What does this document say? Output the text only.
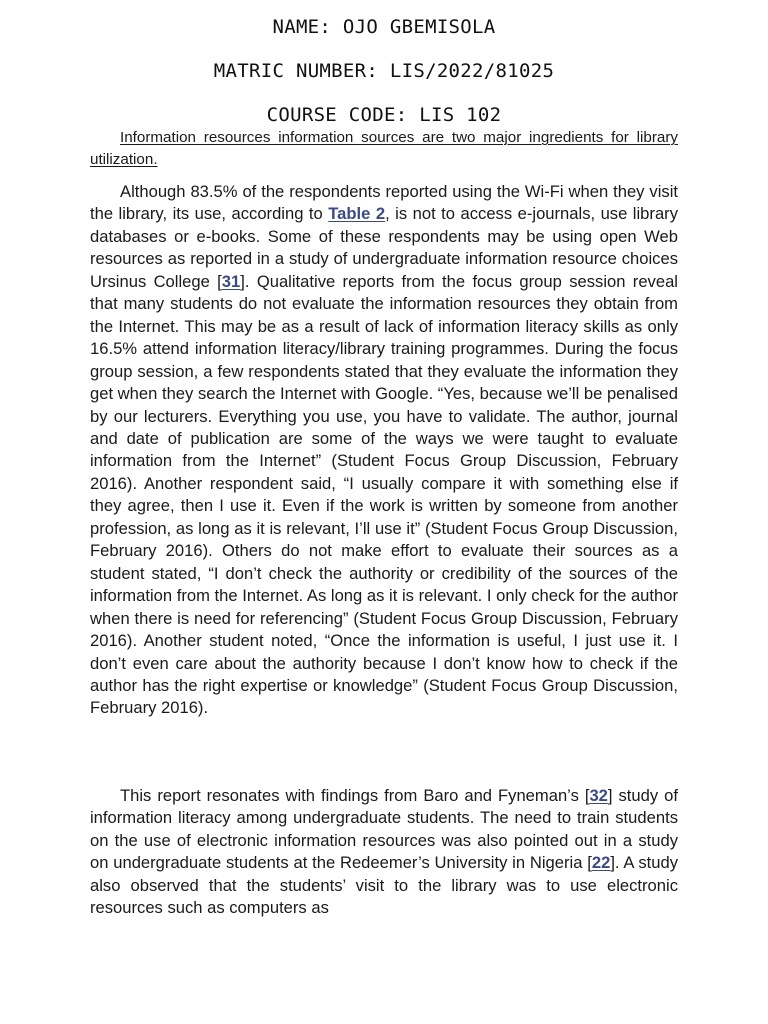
NAME: OJO GBEMISOLA
MATRIC NUMBER: LIS/2022/81025
COURSE CODE: LIS 102

Information resources information sources are two major ingredients for library utilization.

Although 83.5% of the respondents reported using the Wi-Fi when they visit the library, its use, according to Table 2, is not to access e-journals, use library databases or e-books. Some of these respondents may be using open Web resources as reported in a study of undergraduate information resource choices Ursinus College [31]. Qualitative reports from the focus group session reveal that many students do not evaluate the information resources they obtain from the Internet. This may be as a result of lack of information literacy skills as only 16.5% attend information literacy/library training programmes. During the focus group session, a few respondents stated that they evaluate the information they get when they search the Internet with Google. “Yes, because we’ll be penalised by our lecturers. Everything you use, you have to validate. The author, journal and date of publication are some of the ways we were taught to evaluate information from the Internet” (Student Focus Group Discussion, February 2016). Another respondent said, “I usually compare it with something else if they agree, then I use it. Even if the work is written by someone from another profession, as long as it is relevant, I’ll use it” (Student Focus Group Discussion, February 2016). Others do not make effort to evaluate their sources as a student stated, “I don’t check the authority or credibility of the sources of the information from the Internet. As long as it is relevant. I only check for the author when there is need for referencing” (Student Focus Group Discussion, February 2016). Another student noted, “Once the information is useful, I just use it. I don’t even care about the authority because I don’t know how to check if the author has the right expertise or knowledge” (Student Focus Group Discussion, February 2016).

This report resonates with findings from Baro and Fyneman’s [32] study of information literacy among undergraduate students. The need to train students on the use of electronic information resources was also pointed out in a study on undergraduate students at the Redeemer’s University in Nigeria [22]. A study also observed that the students’ visit to the library was to use electronic resources such as computers as
